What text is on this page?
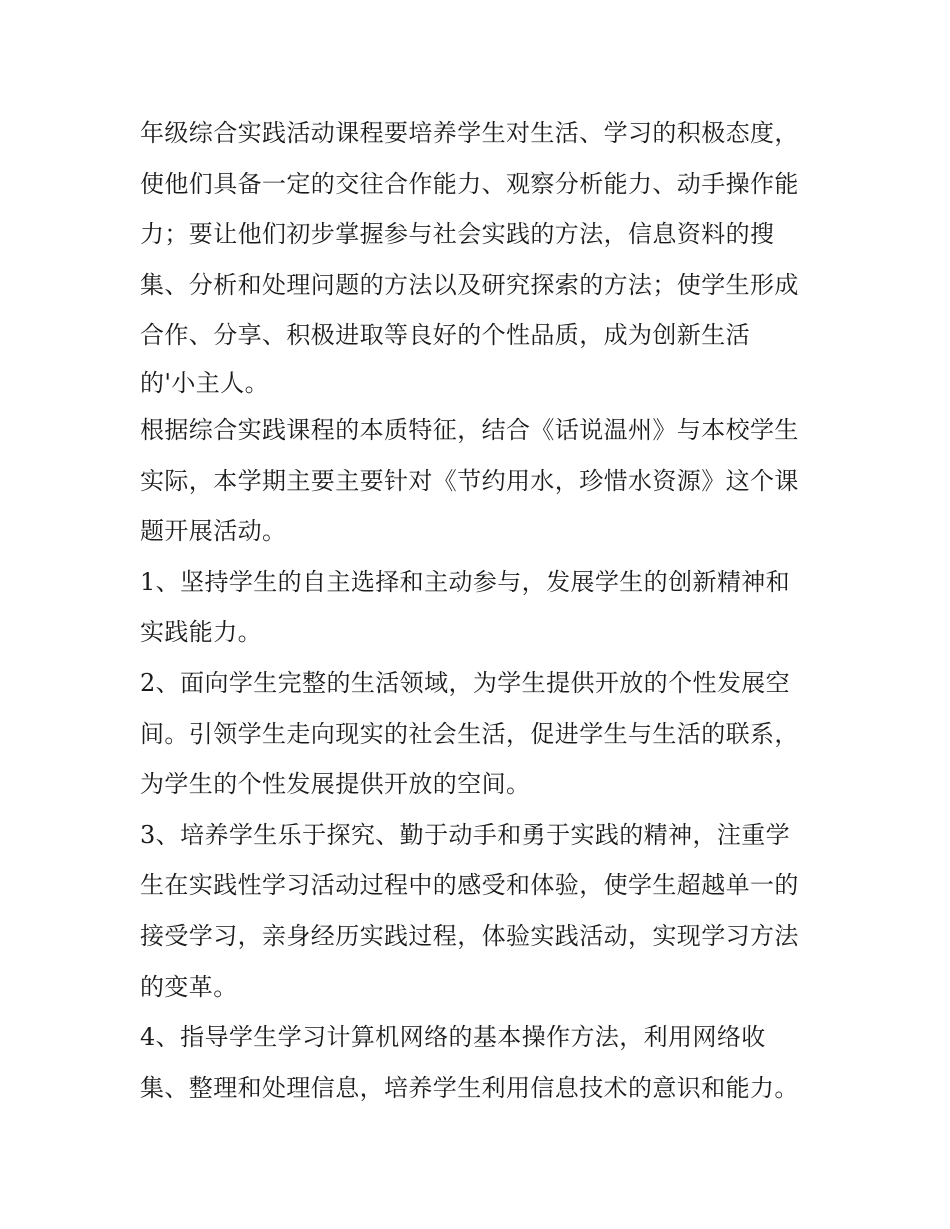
年级综合实践活动课程要培养学生对生活、学习的积极态度，
使他们具备一定的交往合作能力、观察分析能力、动手操作能
力；要让他们初步掌握参与社会实践的方法，信息资料的搜
集、分析和处理问题的方法以及研究探索的方法；使学生形成
合作、分享、积极进取等良好的个性品质，成为创新生活
的'小主人。
根据综合实践课程的本质特征，结合《话说温州》与本校学生
实际，本学期主要主要针对《节约用水，珍惜水资源》这个课
题开展活动。
1、坚持学生的自主选择和主动参与，发展学生的创新精神和
实践能力。
2、面向学生完整的生活领域，为学生提供开放的个性发展空
间。引领学生走向现实的社会生活，促进学生与生活的联系，
为学生的个性发展提供开放的空间。
3、培养学生乐于探究、勤于动手和勇于实践的精神，注重学
生在实践性学习活动过程中的感受和体验，使学生超越单一的
接受学习，亲身经历实践过程，体验实践活动，实现学习方法
的变革。
4、指导学生学习计算机网络的基本操作方法，利用网络收
集、整理和处理信息，培养学生利用信息技术的意识和能力。
